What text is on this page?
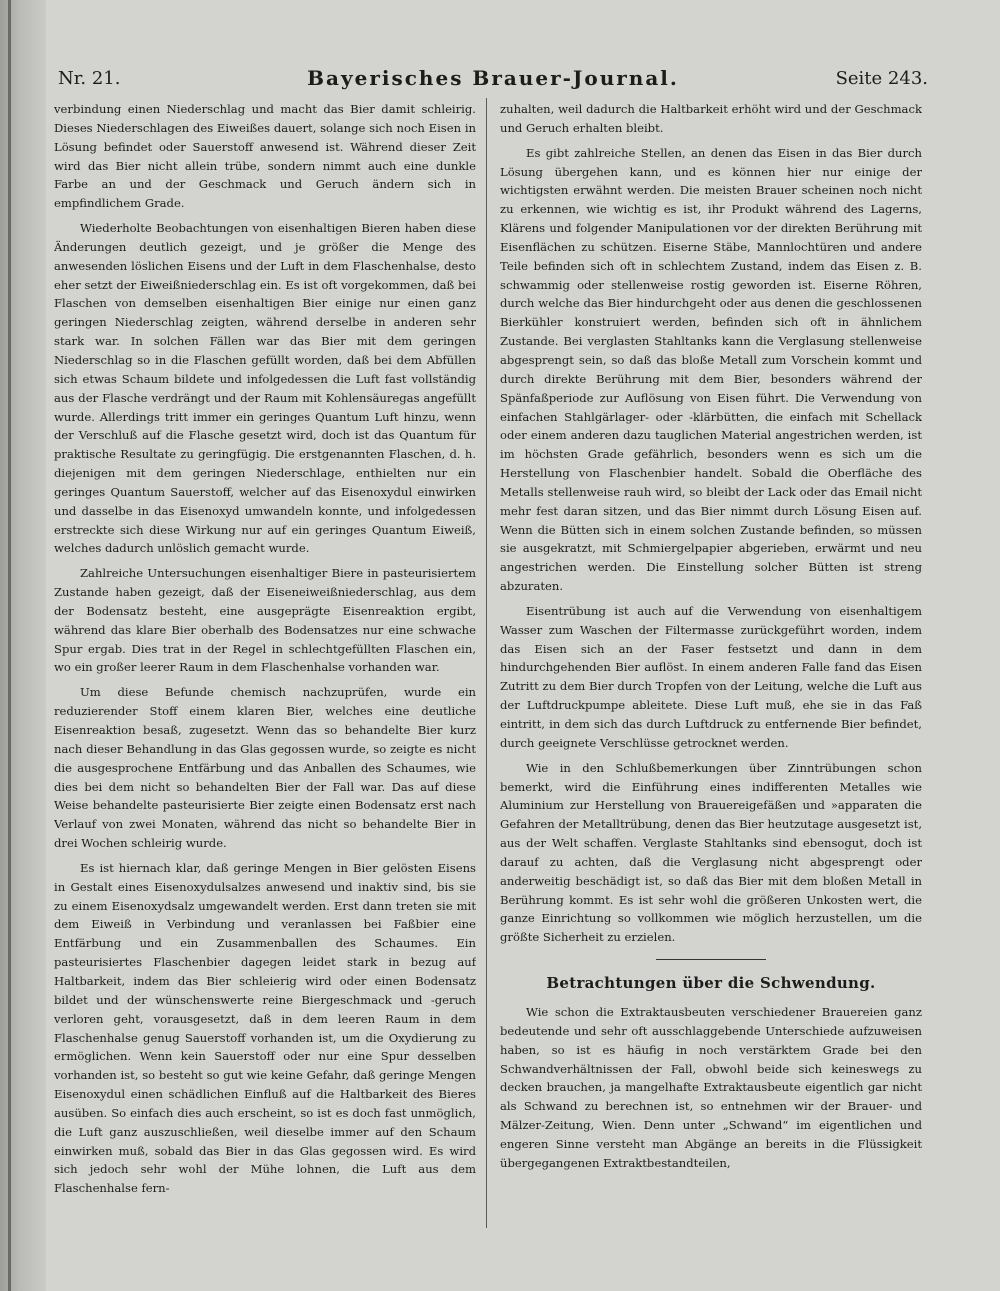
Nr. 21.	Bayerisches Brauer-Journal.	Seite 243.

verbindung einen Niederschlag und macht das Bier damit schleirig. Dieses Niederschlagen des Eiweißes dauert, solange sich noch Eisen in Lösung befindet oder Sauerstoff anwesend ist. Während dieser Zeit wird das Bier nicht allein trübe, sondern nimmt auch eine dunkle Farbe an und der Geschmack und Geruch ändern sich in empfindlichem Grade.

Wiederholte Beobachtungen von eisenhaltigen Bieren haben diese Änderungen deutlich gezeigt, und je größer die Menge des anwesenden löslichen Eisens und der Luft in dem Flaschenhalse, desto eher setzt der Eiweißniederschlag ein. Es ist oft vorgekommen, daß bei Flaschen von demselben eisenhaltigen Bier einige nur einen ganz geringen Niederschlag zeigten, während derselbe in anderen sehr stark war. In solchen Fällen war das Bier mit dem geringen Niederschlag so in die Flaschen gefüllt worden, daß bei dem Abfüllen sich etwas Schaum bildete und infolgedessen die Luft fast vollständig aus der Flasche verdrängt und der Raum mit Kohlensäuregas angefüllt wurde. Allerdings tritt immer ein geringes Quantum Luft hinzu, wenn der Verschluß auf die Flasche gesetzt wird, doch ist das Quantum für praktische Resultate zu geringfügig. Die erstgenannten Flaschen, d. h. diejenigen mit dem geringen Niederschlage, enthielten nur ein geringes Quantum Sauerstoff, welcher auf das Eisenoxydul einwirken und dasselbe in das Eisenoxyd umwandeln konnte, und infolgedessen erstreckte sich diese Wirkung nur auf ein geringes Quantum Eiweiß, welches dadurch unlöslich gemacht wurde.

Zahlreiche Untersuchungen eisenhaltiger Biere in pasteurisiertem Zustande haben gezeigt, daß der Eiseneiweißniederschlag, aus dem der Bodensatz besteht, eine ausgeprägte Eisenreaktion ergibt, während das klare Bier oberhalb des Bodensatzes nur eine schwache Spur ergab. Dies trat in der Regel in schlechtgefüllten Flaschen ein, wo ein großer leerer Raum in dem Flaschenhalse vorhanden war.

Um diese Befunde chemisch nachzuprüfen, wurde ein reduzierender Stoff einem klaren Bier, welches eine deutliche Eisenreaktion besaß, zugesetzt. Wenn das so behandelte Bier kurz nach dieser Behandlung in das Glas gegossen wurde, so zeigte es nicht die ausgesprochene Entfärbung und das Anballen des Schaumes, wie dies bei dem nicht so behandelten Bier der Fall war. Das auf diese Weise behandelte pasteurisierte Bier zeigte einen Bodensatz erst nach Verlauf von zwei Monaten, während das nicht so behandelte Bier in drei Wochen schleirig wurde.

Es ist hiernach klar, daß geringe Mengen in Bier gelösten Eisens in Gestalt eines Eisenoxydulsalzes anwesend und inaktiv sind, bis sie zu einem Eisenoxydsalz umgewandelt werden. Erst dann treten sie mit dem Eiweiß in Verbindung und veranlassen bei Faßbier eine Entfärbung und ein Zusammenballen des Schaumes. Ein pasteurisiertes Flaschenbier dagegen leidet stark in bezug auf Haltbarkeit, indem das Bier schleierig wird oder einen Bodensatz bildet und der wünschenswerte reine Biergeschmack und -geruch verloren geht, vorausgesetzt, daß in dem leeren Raum in dem Flaschenhalse genug Sauerstoff vorhanden ist, um die Oxydierung zu ermöglichen. Wenn kein Sauerstoff oder nur eine Spur desselben vorhanden ist, so besteht so gut wie keine Gefahr, daß geringe Mengen Eisenoxydul einen schädlichen Einfluß auf die Haltbarkeit des Bieres ausüben. So einfach dies auch erscheint, so ist es doch fast unmöglich, die Luft ganz auszuschließen, weil dieselbe immer auf den Schaum einwirken muß, sobald das Bier in das Glas gegossen wird. Es wird sich jedoch sehr wohl der Mühe lohnen, die Luft aus dem Flaschenhalse fern-

zuhalten, weil dadurch die Haltbarkeit erhöht wird und der Geschmack und Geruch erhalten bleibt.

Es gibt zahlreiche Stellen, an denen das Eisen in das Bier durch Lösung übergehen kann, und es können hier nur einige der wichtigsten erwähnt werden. Die meisten Brauer scheinen noch nicht zu erkennen, wie wichtig es ist, ihr Produkt während des Lagerns, Klärens und folgender Manipulationen vor der direkten Berührung mit Eisenflächen zu schützen. Eiserne Stäbe, Mannlochtüren und andere Teile befinden sich oft in schlechtem Zustand, indem das Eisen z. B. schwammig oder stellenweise rostig geworden ist. Eiserne Röhren, durch welche das Bier hindurchgeht oder aus denen die geschlossenen Bierkühler konstruiert werden, befinden sich oft in ähnlichem Zustande. Bei verglasten Stahltanks kann die Verglasung stellenweise abgesprengt sein, so daß das bloße Metall zum Vorschein kommt und durch direkte Berührung mit dem Bier, besonders während der Spänfaßperiode zur Auflösung von Eisen führt. Die Verwendung von einfachen Stahlgärlager- oder -klärbütten, die einfach mit Schellack oder einem anderen dazu tauglichen Material angestrichen werden, ist im höchsten Grade gefährlich, besonders wenn es sich um die Herstellung von Flaschenbier handelt. Sobald die Oberfläche des Metalls stellenweise rauh wird, so bleibt der Lack oder das Email nicht mehr fest daran sitzen, und das Bier nimmt durch Lösung Eisen auf. Wenn die Bütten sich in einem solchen Zustande befinden, so müssen sie ausgekratzt, mit Schmiergelpapier abgerieben, erwärmt und neu angestrichen werden. Die Einstellung solcher Bütten ist streng abzuraten.

Eisentrübung ist auch auf die Verwendung von eisenhaltigem Wasser zum Waschen der Filtermasse zurückgeführt worden, indem das Eisen sich an der Faser festsetzt und dann in dem hindurchgehenden Bier auflöst. In einem anderen Falle fand das Eisen Zutritt zu dem Bier durch Tropfen von der Leitung, welche die Luft aus der Luftdruckpumpe ableitete. Diese Luft muß, ehe sie in das Faß eintritt, in dem sich das durch Luftdruck zu entfernende Bier befindet, durch geeignete Verschlüsse getrocknet werden.

Wie in den Schlußbemerkungen über Zinntrübungen schon bemerkt, wird die Einführung eines indifferenten Metalles wie Aluminium zur Herstellung von Brauereigefäßen und »apparaten die Gefahren der Metalltrübung, denen das Bier heutzutage ausgesetzt ist, aus der Welt schaffen. Verglaste Stahltanks sind ebensogut, doch ist darauf zu achten, daß die Verglasung nicht abgesprengt oder anderweitig beschädigt ist, so daß das Bier mit dem bloßen Metall in Berührung kommt. Es ist sehr wohl die größeren Unkosten wert, die ganze Einrichtung so vollkommen wie möglich herzustellen, um die größte Sicherheit zu erzielen.

Betrachtungen über die Schwendung.

Wie schon die Extraktausbeuten verschiedener Brauereien ganz bedeutende und sehr oft ausschlaggebende Unterschiede aufzuweisen haben, so ist es häufig in noch verstärktem Grade bei den Schwandverhältnissen der Fall, obwohl beide sich keineswegs zu decken brauchen, ja mangelhafte Extraktausbeute eigentlich gar nicht als Schwand zu berechnen ist, so entnehmen wir der Brauer- und Mälzer-Zeitung, Wien. Denn unter „Schwand“ im eigentlichen und engeren Sinne versteht man Abgänge an bereits in die Flüssigkeit übergegangenen Extraktbestandteilen,
